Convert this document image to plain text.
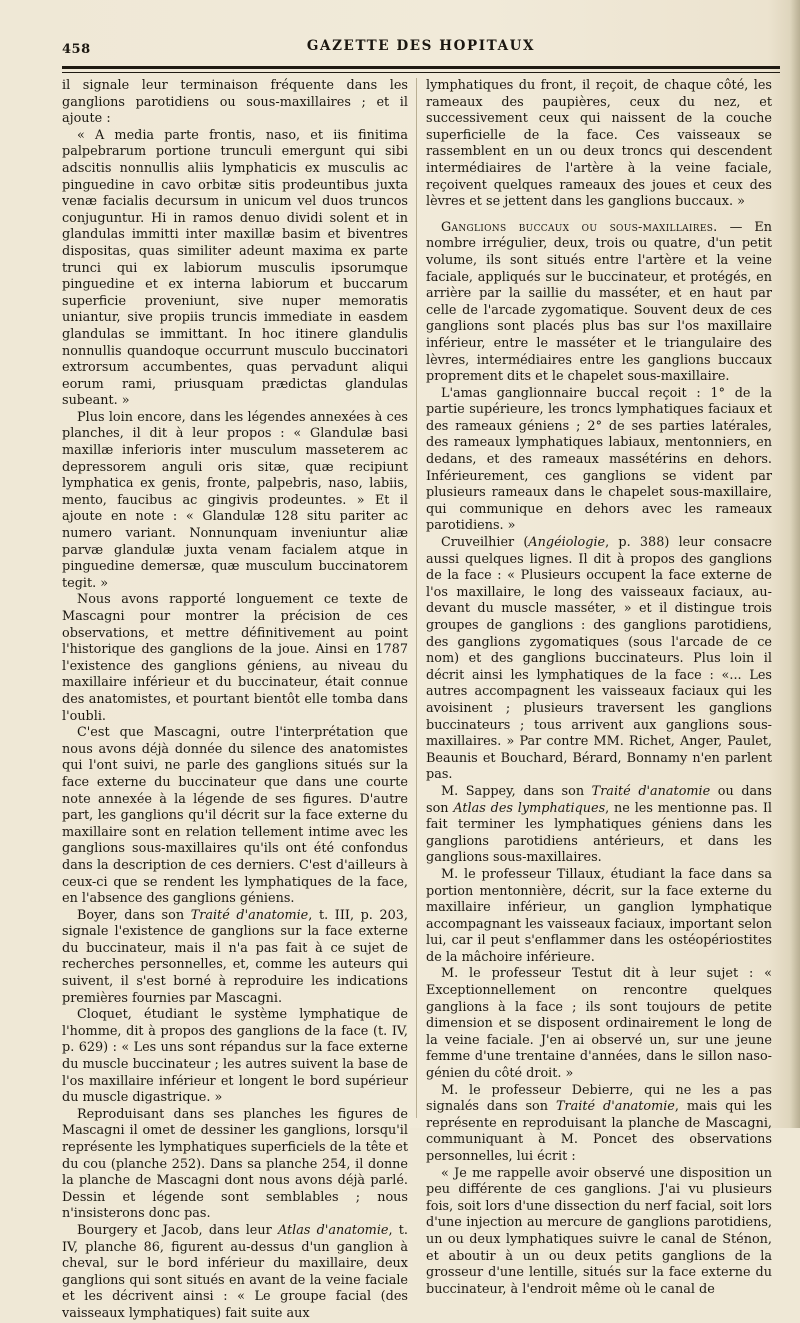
458	GAZETTE DES HOPITAUX

il signale leur terminaison fréquente dans les ganglions parotidiens ou sous-maxillaires ; et il ajoute :

« A media parte frontis, naso, et iis finitima palpebrarum portione trunculi emergunt qui sibi adscitis nonnullis aliis lymphaticis ex musculis ac pinguedine in cavo orbitæ sitis prodeuntibus juxta venæ facialis decursum in unicum vel duos truncos conjuguntur. Hi in ramos denuo dividi solent et in glandulas immitti inter maxillæ basim et biventres dispositas, quas similiter adeunt maxima ex parte trunci qui ex labiorum musculis ipsorumque pinguedine et ex interna labiorum et buccarum superficie proveniunt, sive nuper memoratis uniantur, sive propiis truncis immediate in easdem glandulas se immittant. In hoc itinere glandulis nonnullis quandoque occurrunt musculo buccinatori extrorsum accumbentes, quas pervadunt aliqui eorum rami, priusquam prædictas glandulas subeant. »

Plus loin encore, dans les légendes annexées à ces planches, il dit à leur propos : « Glandulæ basi maxillæ inferioris inter musculum masseterem ac depressorem anguli oris sitæ, quæ recipiunt lymphatica ex genis, fronte, palpebris, naso, labiis, mento, faucibus ac gingivis prodeuntes. » Et il ajoute en note : « Glandulæ 128 situ pariter ac numero variant. Nonnunquam inveniuntur aliæ parvæ glandulæ juxta venam facialem atque in pinguedine demersæ, quæ musculum buccinatorem tegit. »

Nous avons rapporté longuement ce texte de Mascagni pour montrer la précision de ces observations, et mettre définitivement au point l'historique des ganglions de la joue. Ainsi en 1787 l'existence des ganglions géniens, au niveau du maxillaire inférieur et du buccinateur, était connue des anatomistes, et pourtant bientôt elle tomba dans l'oubli.

C'est que Mascagni, outre l'interprétation que nous avons déjà donnée du silence des anatomistes qui l'ont suivi, ne parle des ganglions situés sur la face externe du buccinateur que dans une courte note annexée à la légende de ses figures. D'autre part, les ganglions qu'il décrit sur la face externe du maxillaire sont en relation tellement intime avec les ganglions sous-maxillaires qu'ils ont été confondus dans la description de ces derniers. C'est d'ailleurs à ceux-ci que se rendent les lymphatiques de la face, en l'absence des ganglions géniens.

Boyer, dans son Traité d'anatomie, t. III, p. 203, signale l'existence de ganglions sur la face externe du buccinateur, mais il n'a pas fait à ce sujet de recherches personnelles, et, comme les auteurs qui suivent, il s'est borné à reproduire les indications premières fournies par Mascagni.

Cloquet, étudiant le système lymphatique de l'homme, dit à propos des ganglions de la face (t. IV, p. 629) : « Les uns sont répandus sur la face externe du muscle buccinateur ; les autres suivent la base de l'os maxillaire inférieur et longent le bord supérieur du muscle digastrique. »

Reproduisant dans ses planches les figures de Mascagni il omet de dessiner les ganglions, lorsqu'il représente les lymphatiques superficiels de la tête et du cou (planche 252). Dans sa planche 254, il donne la planche de Mascagni dont nous avons déjà parlé. Dessin et légende sont semblables ; nous n'insisterons donc pas.

Bourgery et Jacob, dans leur Atlas d'anatomie, t. IV, planche 86, figurent au-dessus d'un ganglion à cheval, sur le bord inférieur du maxillaire, deux ganglions qui sont situés en avant de la veine faciale et les décrivent ainsi : « Le groupe facial (des vaisseaux lymphatiques) fait suite aux

lymphatiques du front, il reçoit, de chaque côté, les rameaux des paupières, ceux du nez, et successivement ceux qui naissent de la couche superficielle de la face. Ces vaisseaux se rassemblent en un ou deux troncs qui descendent intermédiaires de l'artère à la veine faciale, reçoivent quelques rameaux des joues et ceux des lèvres et se jettent dans les ganglions buccaux. »

Ganglions buccaux ou sous-maxillaires. — En nombre irrégulier, deux, trois ou quatre, d'un petit volume, ils sont situés entre l'artère et la veine faciale, appliqués sur le buccinateur, et protégés, en arrière par la saillie du masséter, et en haut par celle de l'arcade zygomatique. Souvent deux de ces ganglions sont placés plus bas sur l'os maxillaire inférieur, entre le masséter et le triangulaire des lèvres, intermédiaires entre les ganglions buccaux proprement dits et le chapelet sous-maxillaire.

L'amas ganglionnaire buccal reçoit : 1° de la partie supérieure, les troncs lymphatiques faciaux et des rameaux géniens ; 2° de ses parties latérales, des rameaux lymphatiques labiaux, mentonniers, en dedans, et des rameaux massétérins en dehors. Inférieurement, ces ganglions se vident par plusieurs rameaux dans le chapelet sous-maxillaire, qui communique en dehors avec les rameaux parotidiens. »

Cruveilhier (Angéiologie, p. 388) leur consacre aussi quelques lignes. Il dit à propos des ganglions de la face : « Plusieurs occupent la face externe de l'os maxillaire, le long des vaisseaux faciaux, au-devant du muscle masséter, » et il distingue trois groupes de ganglions : des ganglions parotidiens, des ganglions zygomatiques (sous l'arcade de ce nom) et des ganglions buccinateurs. Plus loin il décrit ainsi les lymphatiques de la face : «... Les autres accompagnent les vaisseaux faciaux qui les avoisinent ; plusieurs traversent les ganglions buccinateurs ; tous arrivent aux ganglions sous-maxillaires. » Par contre MM. Richet, Anger, Paulet, Beaunis et Bouchard, Bérard, Bonnamy n'en parlent pas.

M. Sappey, dans son Traité d'anatomie ou dans son Atlas des lymphatiques, ne les mentionne pas. Il fait terminer les lymphatiques géniens dans les ganglions parotidiens antérieurs, et dans les ganglions sous-maxillaires.

M. le professeur Tillaux, étudiant la face dans sa portion mentonnière, décrit, sur la face externe du maxillaire inférieur, un ganglion lymphatique accompagnant les vaisseaux faciaux, important selon lui, car il peut s'enflammer dans les ostéopériostites de la mâchoire inférieure.

M. le professeur Testut dit à leur sujet : « Exceptionnellement on rencontre quelques ganglions à la face ; ils sont toujours de petite dimension et se disposent ordinairement le long de la veine faciale. J'en ai observé un, sur une jeune femme d'une trentaine d'années, dans le sillon naso-génien du côté droit. »

M. le professeur Debierre, qui ne les a pas signalés dans son Traité d'anatomie, mais qui les représente en reproduisant la planche de Mascagni, communiquant à M. Poncet des observations personnelles, lui écrit :

« Je me rappelle avoir observé une disposition un peu différente de ces ganglions. J'ai vu plusieurs fois, soit lors d'une dissection du nerf facial, soit lors d'une injection au mercure de ganglions parotidiens, un ou deux lymphatiques suivre le canal de Sténon, et aboutir à un ou deux petits ganglions de la grosseur d'une lentille, situés sur la face externe du buccinateur, à l'endroit même où le canal de
